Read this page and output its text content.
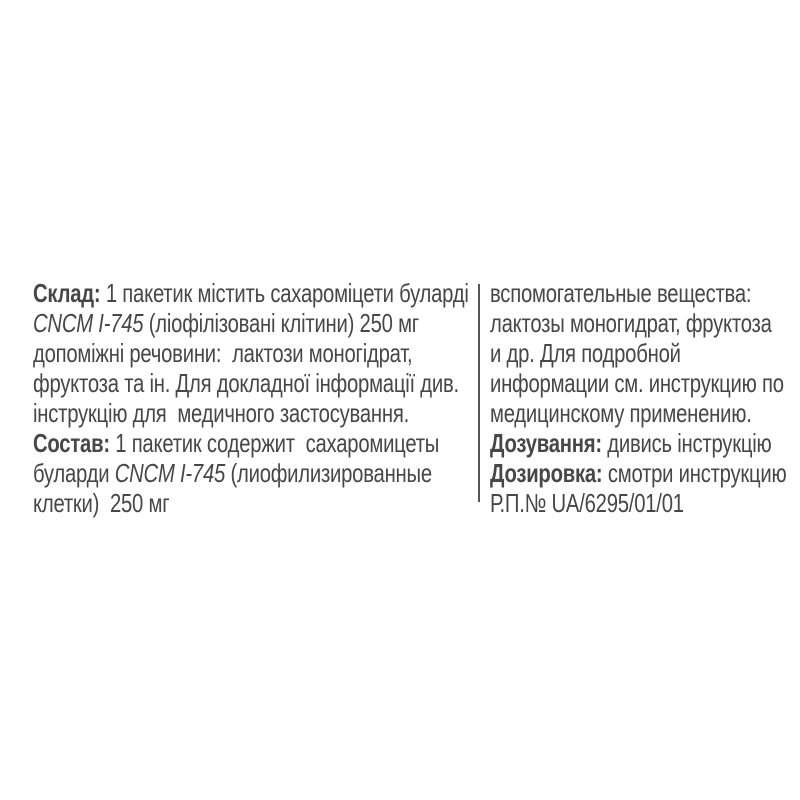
Склад: 1 пакетик містить сахароміцети буларді
CNCM I-745 (ліофілізовані клітини) 250 мг
допоміжні речовини:  лактози моногідрат,
фруктоза та ін. Для докладної інформації див.
інструкцію для  медичного застосування.
Состав: 1 пакетик содержит  сахаромицеты
буларди CNCM I-745 (лиофилизированные
клетки)  250 мг
вспомогательные вещества:
лактозы моногидрат, фруктоза
и др. Для подробной
информации см. инструкцию по
медицинскому применению.
Дозування: дивись інструкцію
Дозировка: смотри инструкцию
Р.П.№ UA/6295/01/01
